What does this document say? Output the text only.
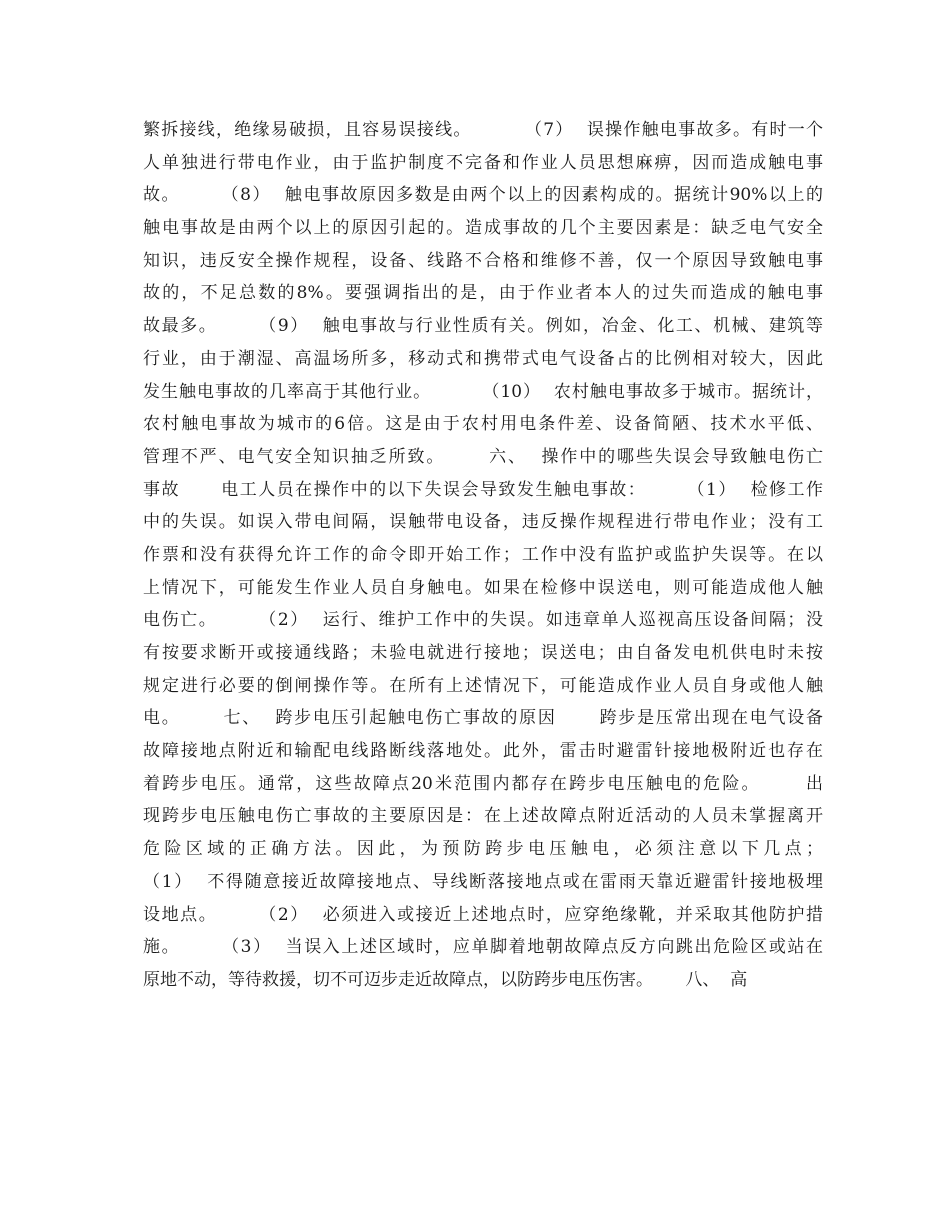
繁拆接线，绝缘易破损，且容易误接线。        （7）  误操作触电事故多。有时一个
人单独进行带电作业，由于监护制度不完备和作业人员思想麻痹，因而造成触电事
故。      （8）  触电事故原因多数是由两个以上的因素构成的。据统计90%以上的
触电事故是由两个以上的原因引起的。造成事故的几个主要因素是：缺乏电气安全
知识，违反安全操作规程，设备、线路不合格和维修不善，仅一个原因导致触电事
故的，不足总数的8%。要强调指出的是，由于作业者本人的过失而造成的触电事
故最多。      （9）  触电事故与行业性质有关。例如，冶金、化工、机械、建筑等
行业，由于潮湿、高温场所多，移动式和携带式电气设备占的比例相对较大，因此
发生触电事故的几率高于其他行业。        （10）  农村触电事故多于城市。据统计，
农村触电事故为城市的6倍。这是由于农村用电条件差、设备简陋、技术水平低、
管理不严、电气安全知识抽乏所致。      六、  操作中的哪些失误会导致触电伤亡
事故      电工人员在操作中的以下失误会导致发生触电事故：      （1）  检修工作
中的失误。如误入带电间隔，误触带电设备，违反操作规程进行带电作业；没有工
作票和没有获得允许工作的命令即开始工作；工作中没有监护或监护失误等。在以
上情况下，可能发生作业人员自身触电。如果在检修中误送电，则可能造成他人触
电伤亡。      （2）  运行、维护工作中的失误。如违章单人巡视高压设备间隔；没
有按要求断开或接通线路；未验电就进行接地；误送电；由自备发电机供电时未按
规定进行必要的倒闸操作等。在所有上述情况下，可能造成作业人员自身或他人触
电。      七、  跨步电压引起触电伤亡事故的原因      跨步是压常出现在电气设备
故障接地点附近和输配电线路断线落地处。此外，雷击时避雷针接地极附近也存在
着跨步电压。通常，这些故障点20米范围内都存在跨步电压触电的危险。      出
现跨步电压触电伤亡事故的主要原因是：在上述故障点附近活动的人员未掌握离开
危险区域的正确方法。因此，为预防跨步电压触电，必须注意以下几点；
（1）  不得随意接近故障接地点、导线断落接地点或在雷雨天靠近避雷针接地极埋
设地点。      （2）  必须进入或接近上述地点时，应穿绝缘靴，并采取其他防护措
施。      （3）  当误入上述区域时，应单脚着地朝故障点反方向跳出危险区或站在
原地不动，等待救援，切不可迈步走近故障点，以防跨步电压伤害。      八、  高
